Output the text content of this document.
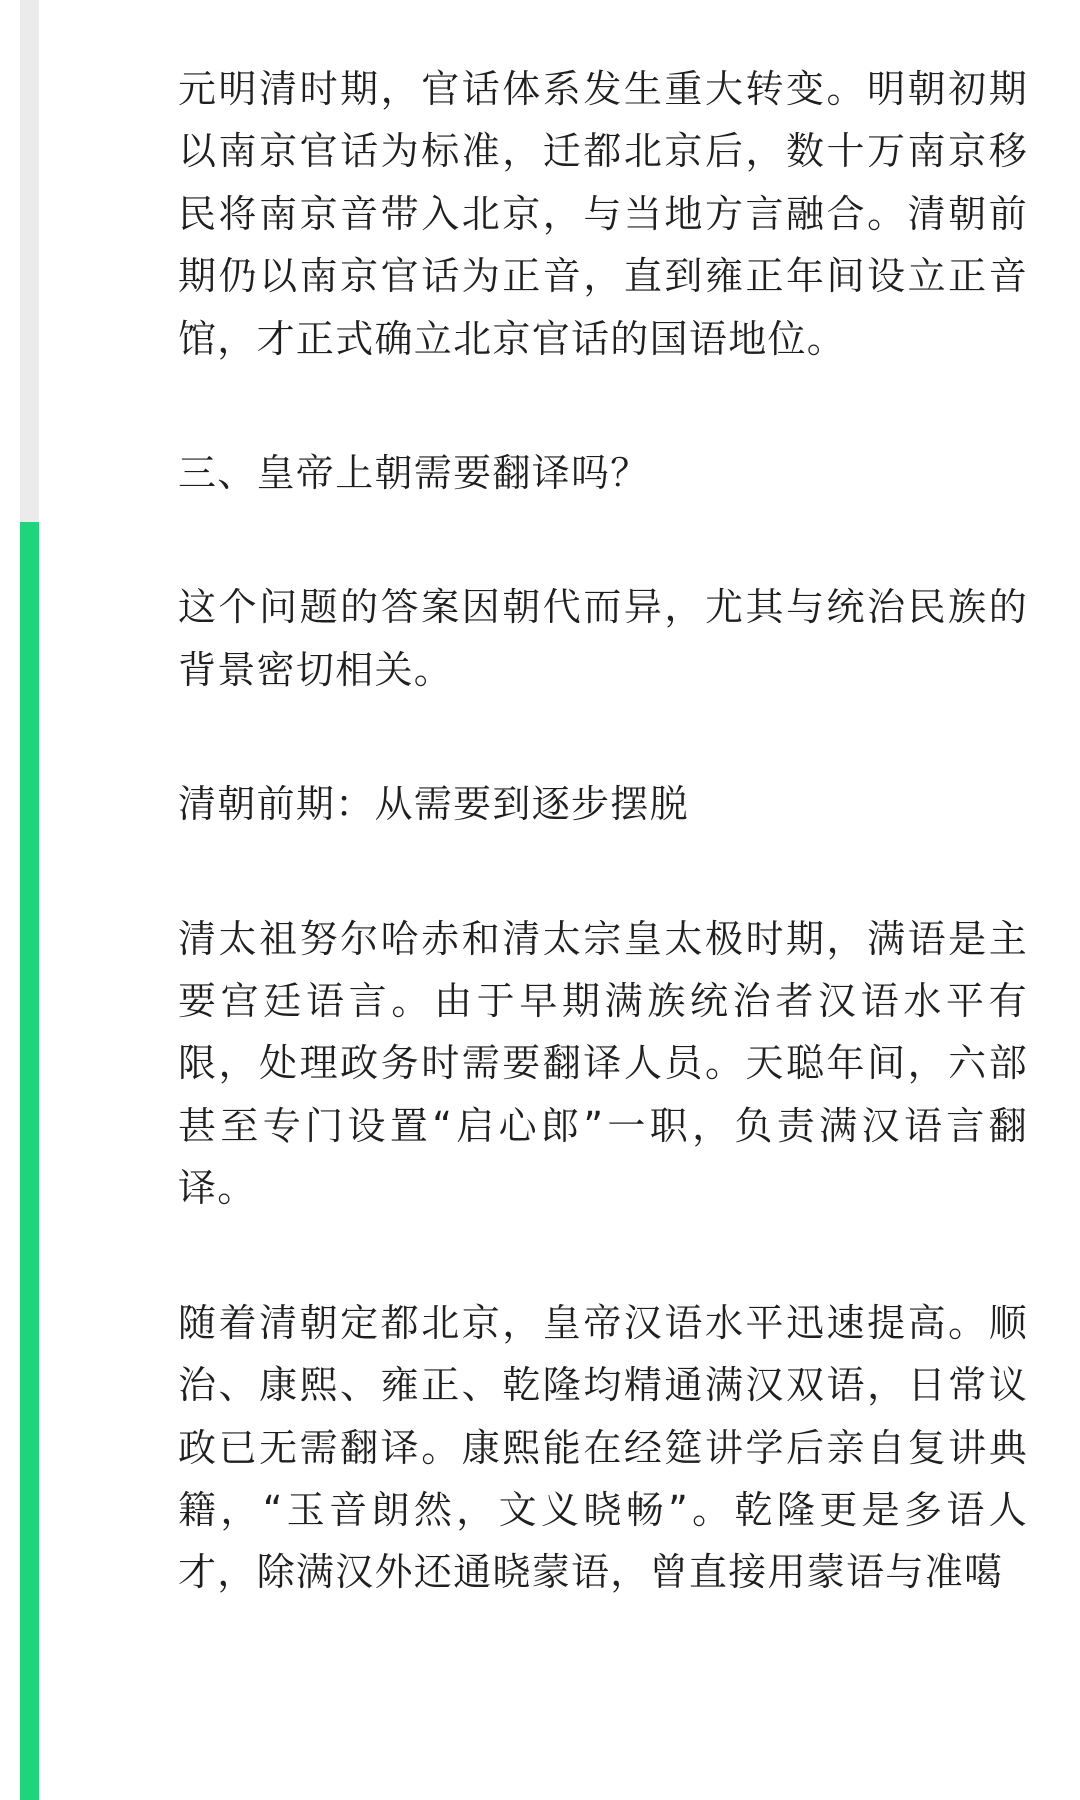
元明清时期，官话体系发生重大转变。明朝初期以南京官话为标准，迁都北京后，数十万南京移民将南京音带入北京，与当地方言融合。清朝前期仍以南京官话为正音，直到雍正年间设立正音馆，才正式确立北京官话的国语地位。

三、皇帝上朝需要翻译吗？

这个问题的答案因朝代而异，尤其与统治民族的背景密切相关。

清朝前期：从需要到逐步摆脱

清太祖努尔哈赤和清太宗皇太极时期，满语是主要宫廷语言。由于早期满族统治者汉语水平有限，处理政务时需要翻译人员。天聪年间，六部甚至专门设置“启心郎”一职，负责满汉语言翻译。

随着清朝定都北京，皇帝汉语水平迅速提高。顺治、康熙、雍正、乾隆均精通满汉双语，日常议政已无需翻译。康熙能在经筵讲学后亲自复讲典籍，“玉音朗然，文义晓畅”。乾隆更是多语人才，除满汉外还通晓蒙语，曾直接用蒙语与准噶
